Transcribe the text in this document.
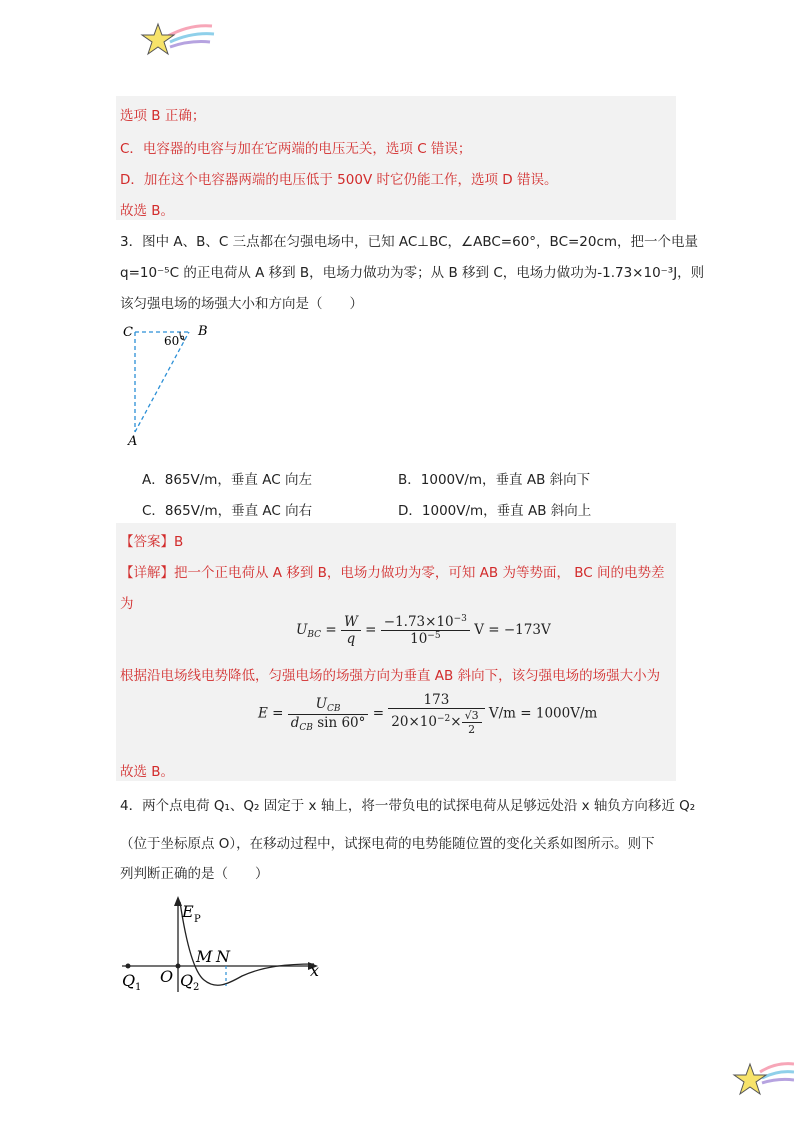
选项 B 正确；
C．电容器的电容与加在它两端的电压无关，选项 C 错误；
D．加在这个电容器两端的电压低于 500V 时它仍能工作，选项 D 错误。
故选 B。
3．图中 A、B、C 三点都在匀强电场中，已知 AC⊥BC，∠ABC=60°，BC=20cm，把一个电量
q=10⁻⁵C 的正电荷从 A 移到 B，电场力做功为零；从 B 移到 C，电场力做功为-1.73×10⁻³J，则
该匀强电场的场强大小和方向是（　　）
C	B
A
60°
A．865V/m，垂直 AC 向左	B．1000V/m，垂直 AB 斜向下
C．865V/m，垂直 AC 向右	D．1000V/m，垂直 AB 斜向上
【答案】B
【详解】把一个正电荷从 A 移到 B，电场力做功为零，可知 AB 为等势面， BC 间的电势差
为
$U_{BC} = \frac{W}{q} = \frac{-1.73\times 10^{-3}}{10^{-5}}$ V = −173V
根据沿电场线电势降低，匀强电场的场强方向为垂直 AB 斜向下，该匀强电场的场强大小为
$E = \frac{U_{CB}}{d_{CB} \sin 60^\circ} = \frac{173}{20\times 10^{-2}\times \frac{√3}{2}} V/m = 1000V/m$
故选 B。
4．两个点电荷 Q₁、Q₂ 固定于 x 轴上，将一带负电的试探电荷从足够远处沿 x 轴负方向移近 Q₂
（位于坐标原点 O），在移动过程中，试探电荷的电势能随位置的变化关系如图所示。则下
列判断正确的是（　　）
E P
M N
Q 1
O Q 2
x
